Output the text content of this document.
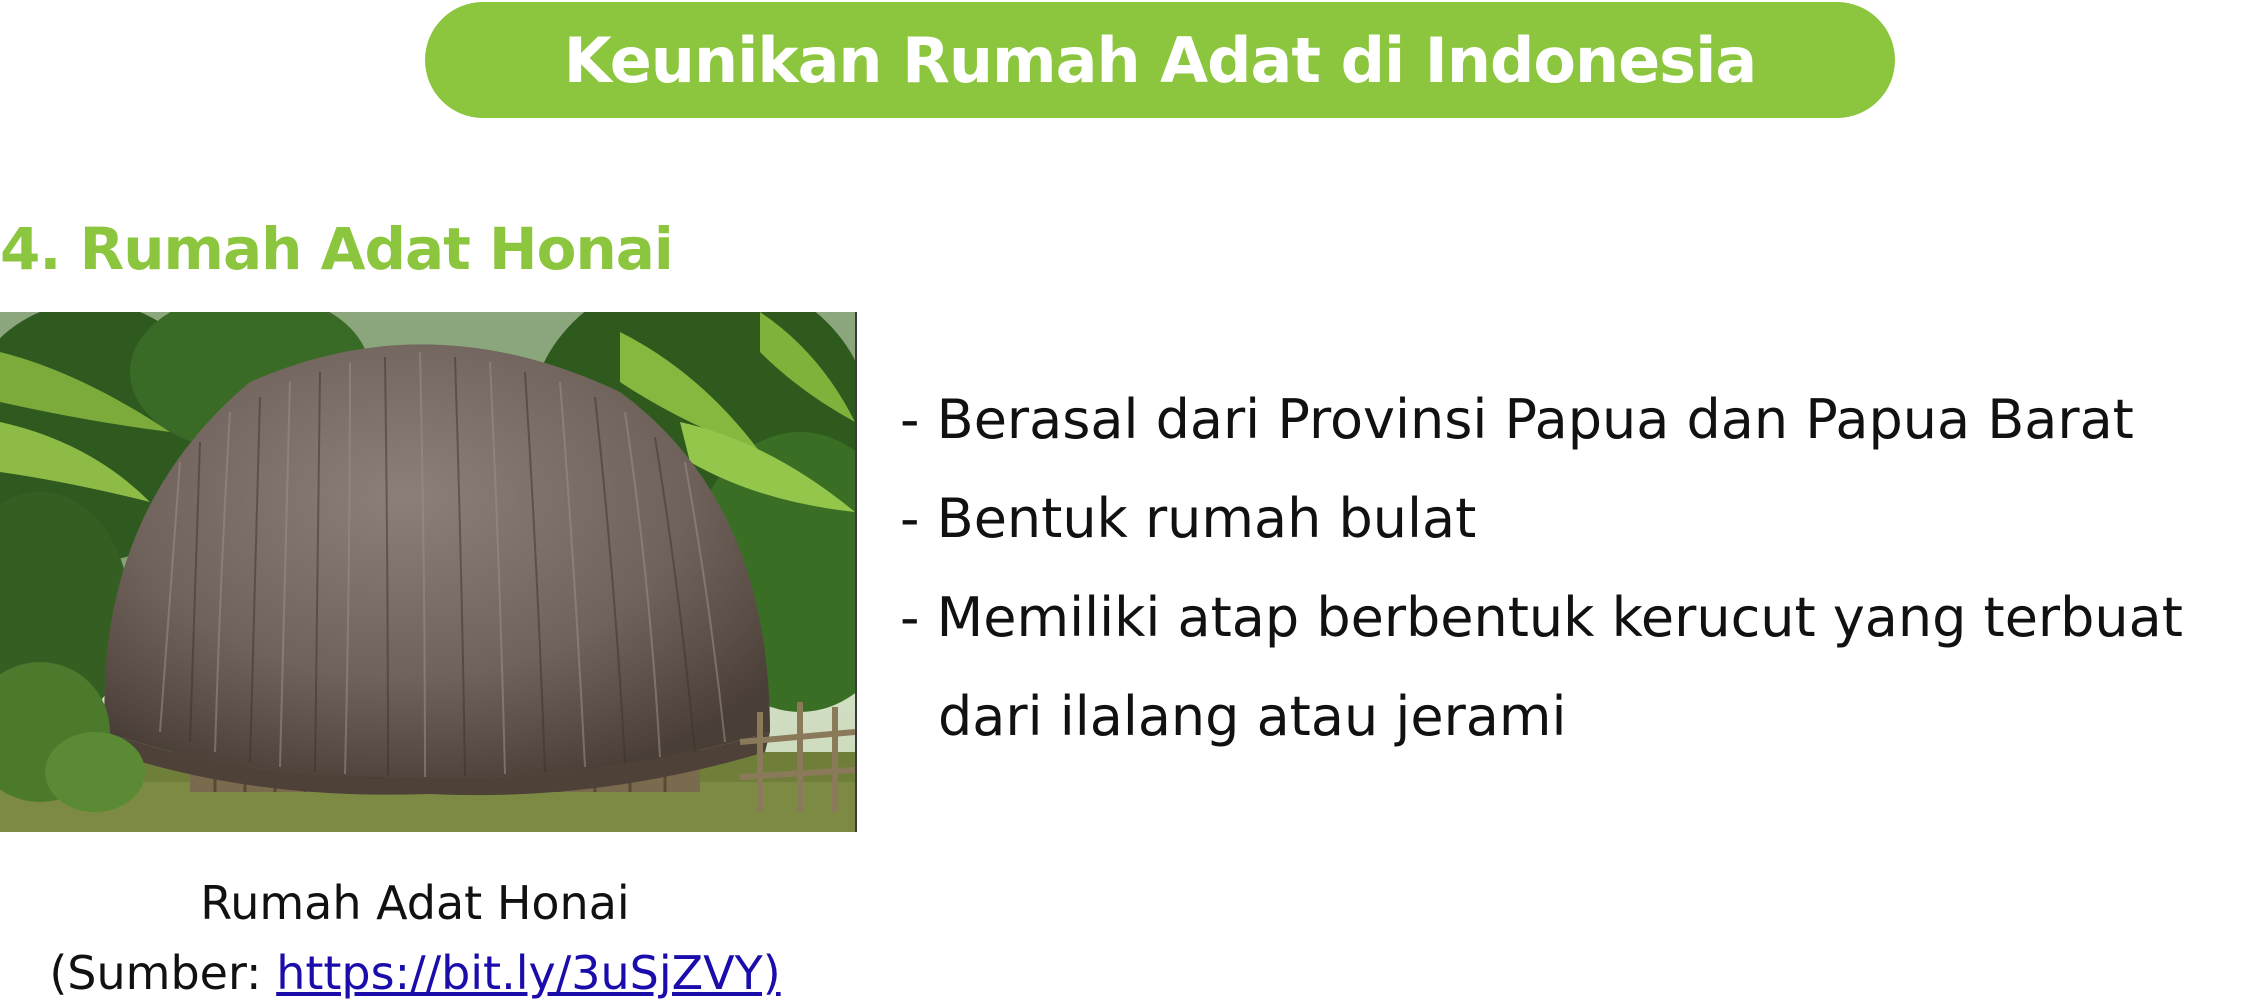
Keunikan Rumah Adat di Indonesia
4. Rumah Adat Honai
Rumah Adat Honai
(Sumber: https://bit.ly/3uSjZVY)
- Berasal dari Provinsi Papua dan Papua Barat
- Bentuk rumah bulat
- Memiliki atap berbentuk kerucut yang terbuat
dari ilalang atau jerami
